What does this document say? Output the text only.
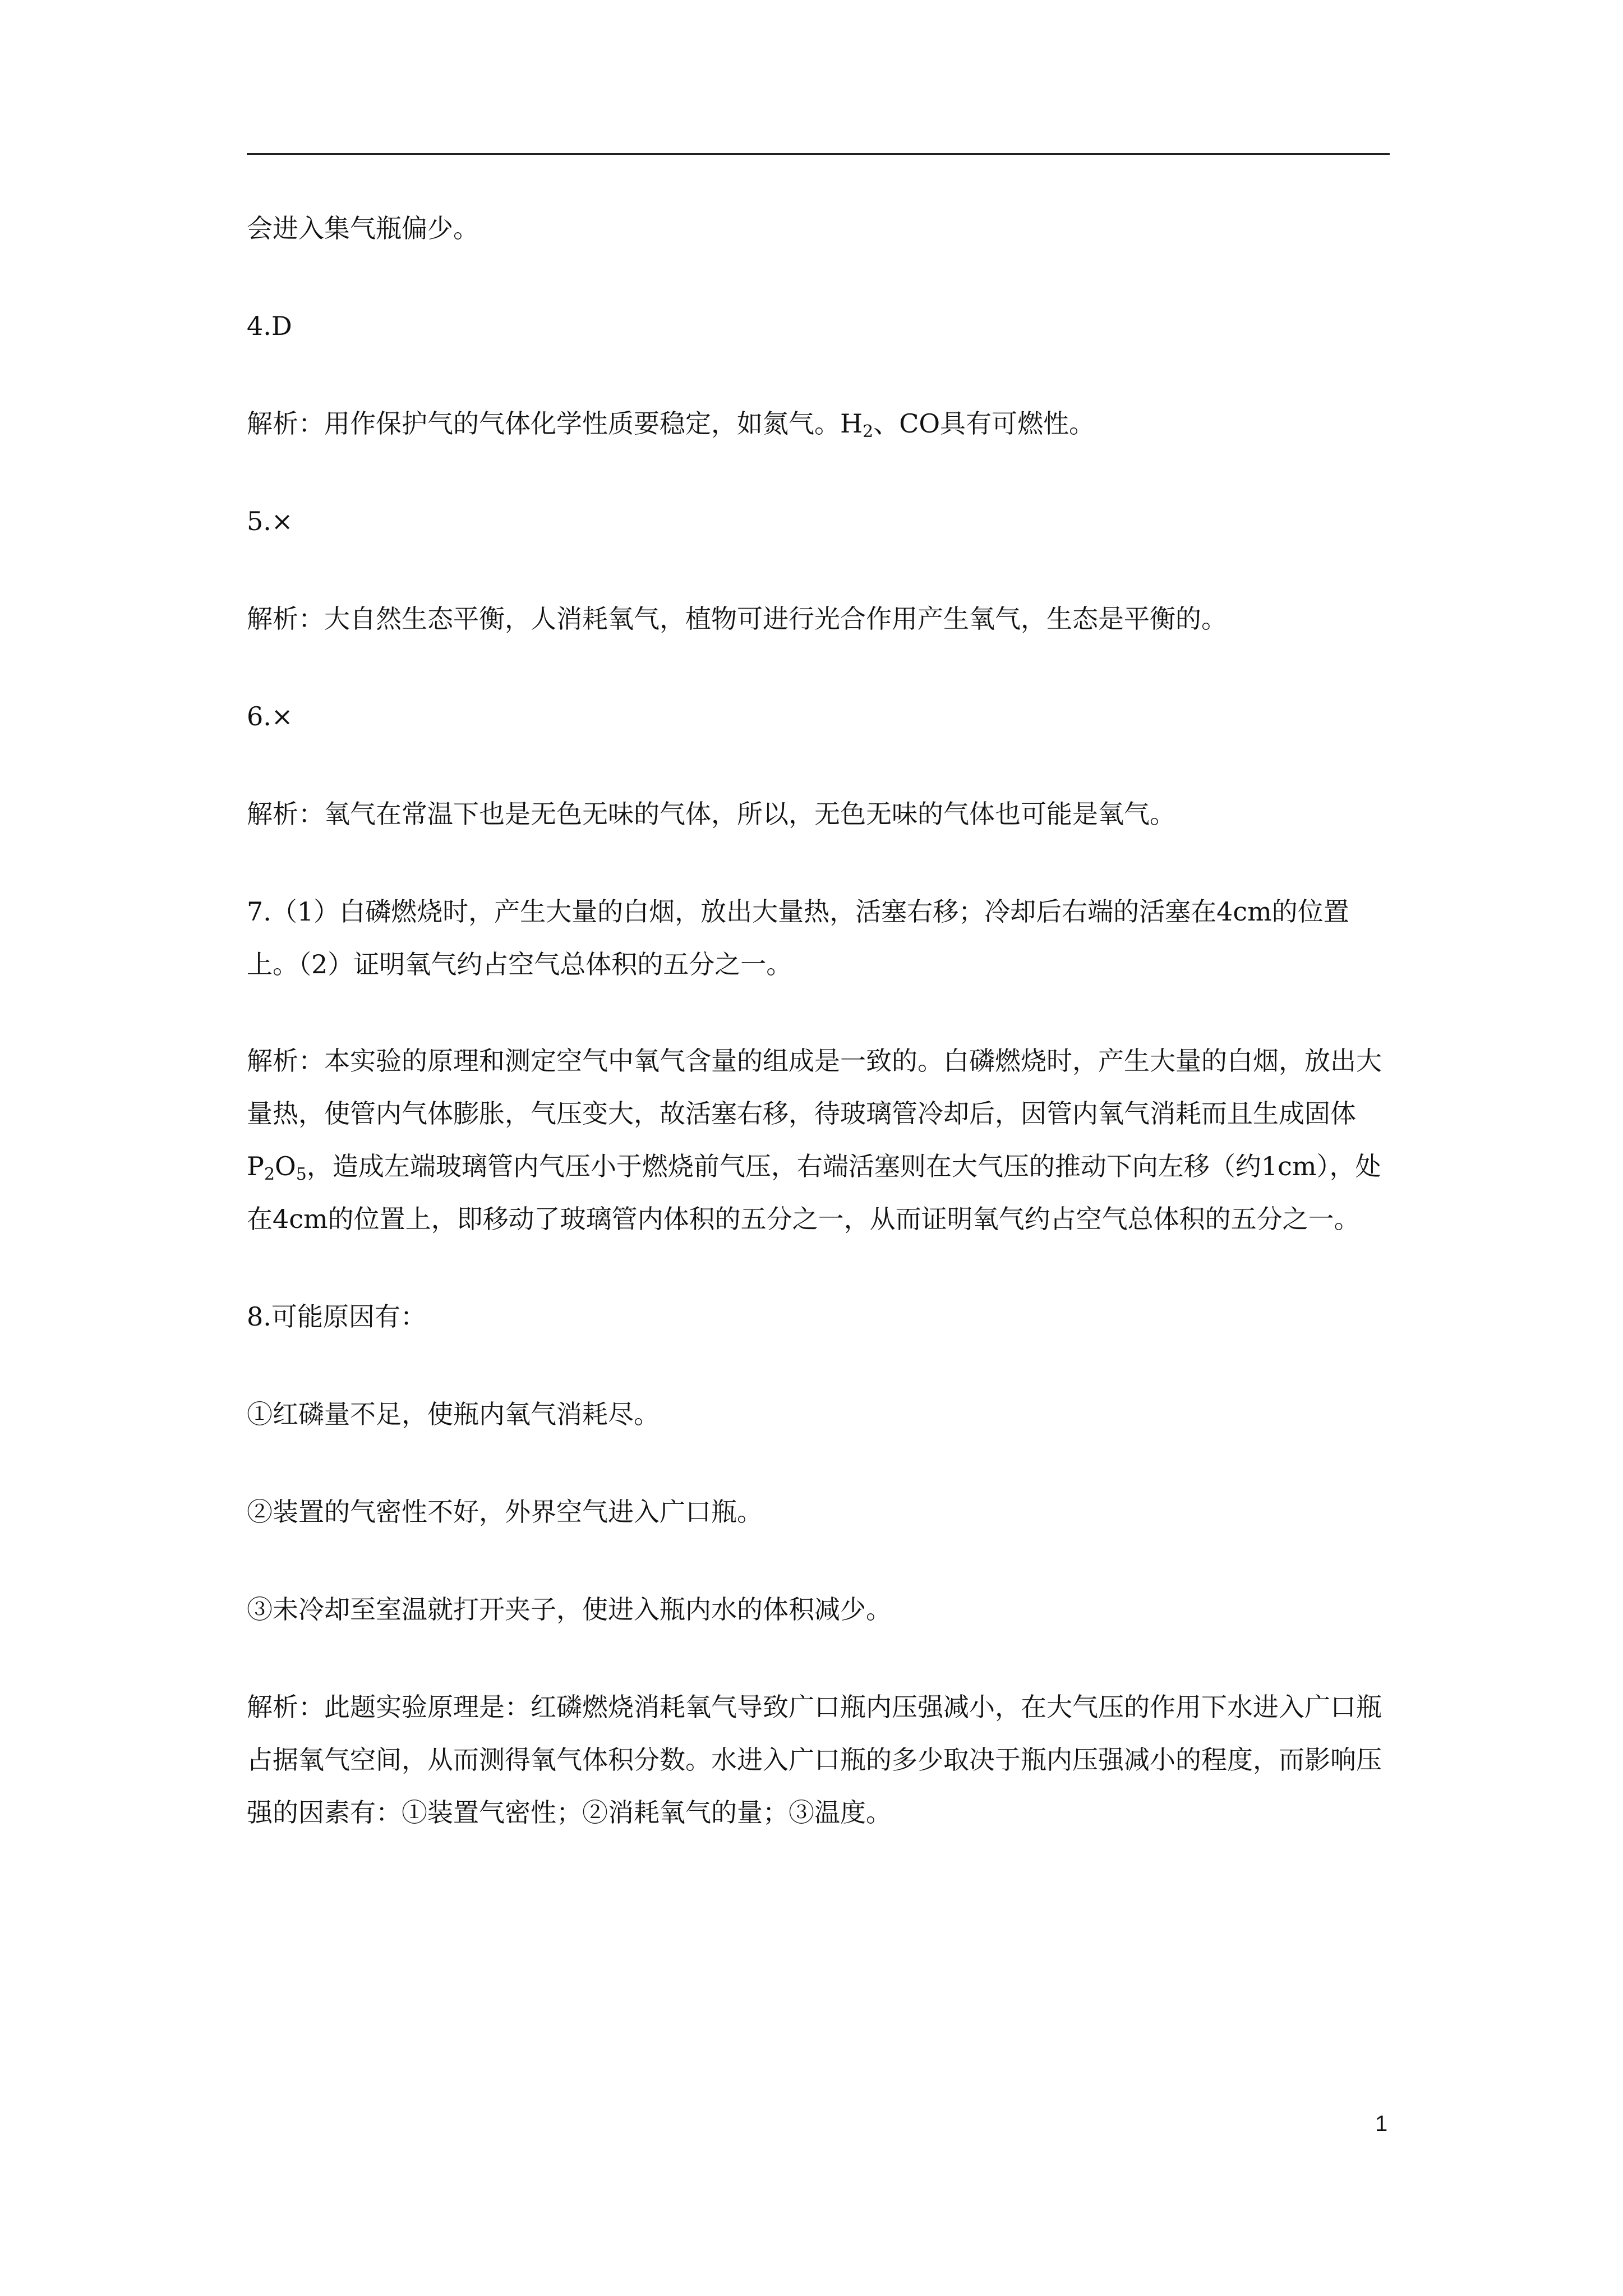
会进入集气瓶偏少。

4.D

解析：用作保护气的气体化学性质要稳定，如氮气。$H_2$、CO具有可燃性。

5.×

解析：大自然生态平衡，人消耗氧气，植物可进行光合作用产生氧气，生态是平衡的。

6.×

解析：氧气在常温下也是无色无味的气体，所以，无色无味的气体也可能是氧气。

7.（1）白磷燃烧时，产生大量的白烟，放出大量热，活塞右移；冷却后右端的活塞在4cm的位置上。（2）证明氧气约占空气总体积的五分之一。

解析：本实验的原理和测定空气中氧气含量的组成是一致的。白磷燃烧时，产生大量的白烟，放出大量热，使管内气体膨胀，气压变大，故活塞右移，待玻璃管冷却后，因管内氧气消耗而且生成固体$P_2O_5$，造成左端玻璃管内气压小于燃烧前气压，右端活塞则在大气压的推动下向左移（约1cm），处在4cm的位置上，即移动了玻璃管内体积的五分之一，从而证明氧气约占空气总体积的五分之一。

8.可能原因有：

①红磷量不足，使瓶内氧气消耗尽。

②装置的气密性不好，外界空气进入广口瓶。

③未冷却至室温就打开夹子，使进入瓶内水的体积减少。

解析：此题实验原理是：红磷燃烧消耗氧气导致广口瓶内压强减小，在大气压的作用下水进入广口瓶占据氧气空间，从而测得氧气体积分数。水进入广口瓶的多少取决于瓶内压强减小的程度，而影响压强的因素有：①装置气密性；②消耗氧气的量；③温度。

1
